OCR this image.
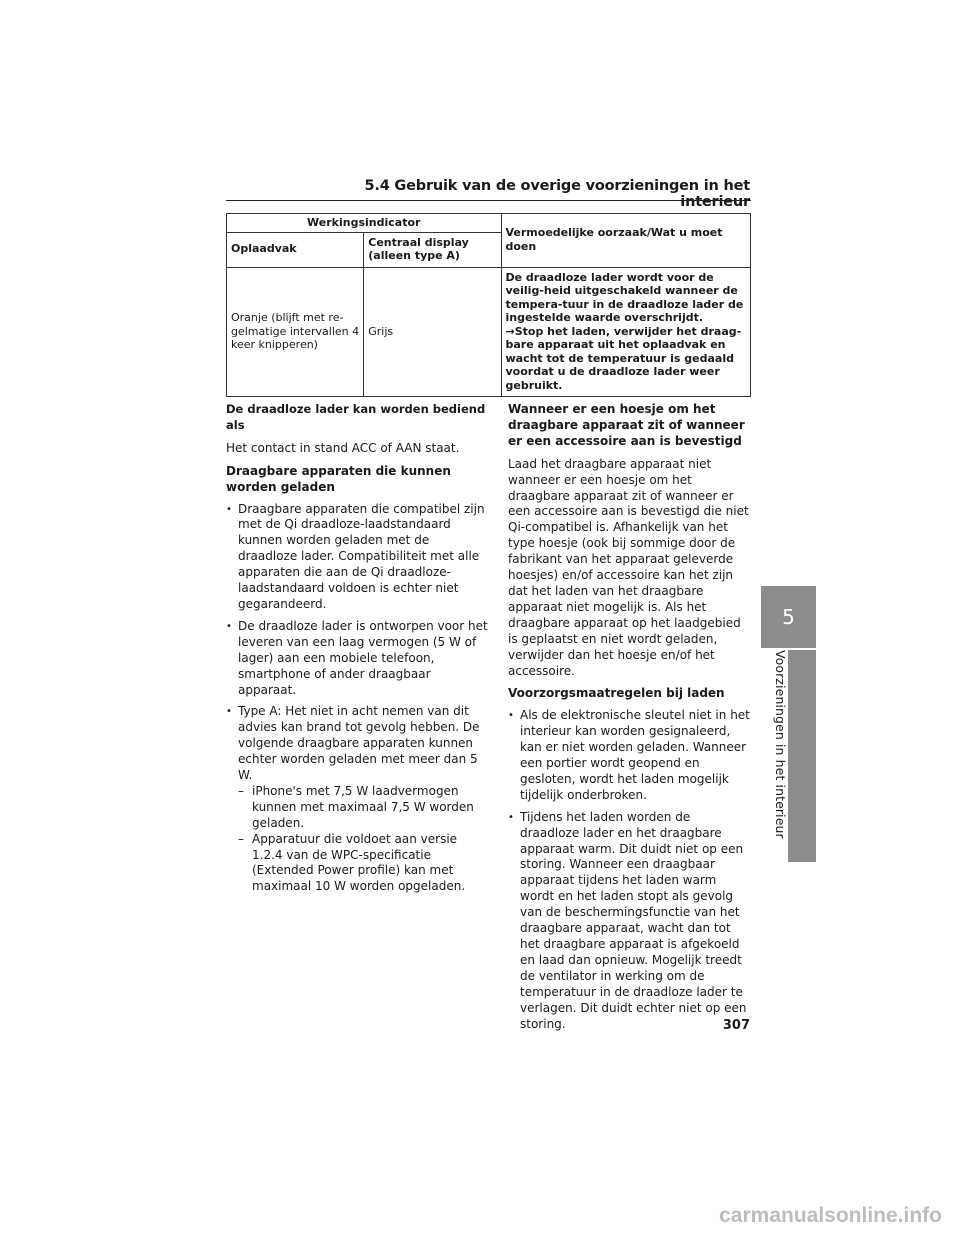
5.4 Gebruik van de overige voorzieningen in het interieur
5
Voorzieningen in het interieur
Werkingsindicator		Vermoedelijke oorzaak/Wat u moet doen
Oplaadvak	Centraal display (alleen type A)	
Oranje (blijft met re-gelmatige intervallen 4 keer knipperen)	Grijs	De draadloze lader wordt voor de veilig-heid uitgeschakeld wanneer de tempera-tuur in de draadloze lader de ingestelde waarde overschrijdt.
→Stop het laden, verwijder het draag-bare apparaat uit het oplaadvak en wacht tot de temperatuur is gedaald voordat u de draadloze lader weer gebruikt.

De draadloze lader kan worden bediend als

Het contact in stand ACC of AAN staat.

Draagbare apparaten die kunnen worden geladen

• Draagbare apparaten die compatibel zijn met de Qi draadloze-laadstandaard kunnen worden geladen met de draadloze lader. Compatibiliteit met alle apparaten die aan de Qi draadloze-laadstandaard voldoen is echter niet gegarandeerd.
• De draadloze lader is ontworpen voor het leveren van een laag vermogen (5 W of lager) aan een mobiele telefoon, smartphone of ander draagbaar apparaat.
• Type A: Het niet in acht nemen van dit advies kan brand tot gevolg hebben. De volgende draagbare apparaten kunnen echter worden geladen met meer dan 5 W.
– iPhone's met 7,5 W laadvermogen kunnen met maximaal 7,5 W worden geladen.
– Apparatuur die voldoet aan versie 1.2.4 van de WPC-specificatie (Extended Power profile) kan met maximaal 10 W worden opgeladen.

Wanneer er een hoesje om het draagbare apparaat zit of wanneer er een accessoire aan is bevestigd

Laad het draagbare apparaat niet wanneer er een hoesje om het draagbare apparaat zit of wanneer er een accessoire aan is bevestigd die niet Qi-compatibel is. Afhankelijk van het type hoesje (ook bij sommige door de fabrikant van het apparaat geleverde hoesjes) en/of accessoire kan het zijn dat het laden van het draagbare apparaat niet mogelijk is. Als het draagbare apparaat op het laadgebied is geplaatst en niet wordt geladen, verwijder dan het hoesje en/of het accessoire.

Voorzorgsmaatregelen bij laden

• Als de elektronische sleutel niet in het interieur kan worden gesignaleerd, kan er niet worden geladen. Wanneer een portier wordt geopend en gesloten, wordt het laden mogelijk tijdelijk onderbroken.
• Tijdens het laden worden de draadloze lader en het draagbare apparaat warm. Dit duidt niet op een storing. Wanneer een draagbaar apparaat tijdens het laden warm wordt en het laden stopt als gevolg van de beschermingsfunctie van het draagbare apparaat, wacht dan tot het draagbare apparaat is afgekoeld en laad dan opnieuw. Mogelijk treedt de ventilator in werking om de temperatuur in de draadloze lader te verlagen. Dit duidt echter niet op een storing.	307
carmanualsonline.info
